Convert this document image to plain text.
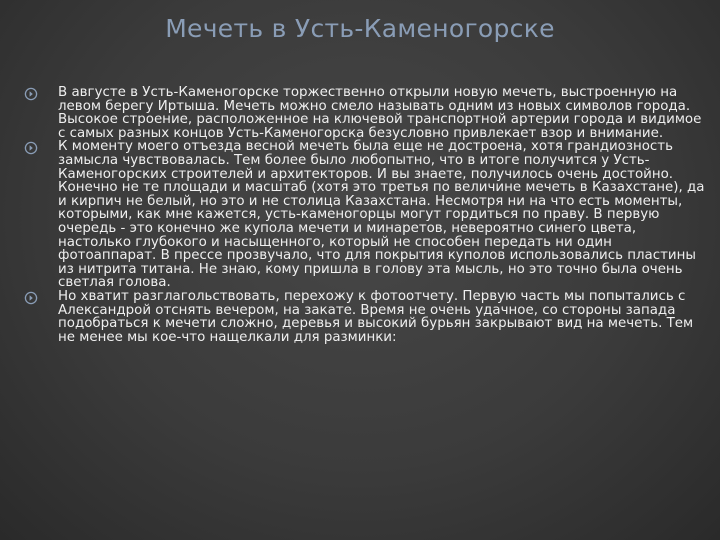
Мечеть в Усть-Каменогорске
В августе в Усть-Каменогорске торжественно открыли новую мечеть, выстроенную на левом берегу Иртыша. Мечеть можно смело называть одним из новых символов города. Высокое строение, расположенное на ключевой транспортной артерии города и видимое с самых разных концов Усть-Каменогорска безусловно привлекает взор и внимание.
К моменту моего отъезда весной мечеть была еще не достроена, хотя грандиозность замысла чувствовалась. Тем более было любопытно, что в итоге получится у Усть-Каменогорских строителей и архитекторов. И вы знаете, получилось очень достойно. Конечно не те площади и масштаб (хотя это третья по величине мечеть в Казахстане), да и кирпич не белый, но это и не столица Казахстана. Несмотря ни на что есть моменты, которыми, как мне кажется, усть-каменогорцы могут гордиться по праву. В первую очередь - это конечно же купола мечети и минаретов, невероятно синего цвета, настолько глубокого и насыщенного, который не способен передать ни один фотоаппарат. В прессе прозвучало, что для покрытия куполов использовались пластины из нитрита титана. Не знаю, кому пришла в голову эта мысль, но это точно была очень светлая голова.
Но хватит разглагольствовать, перехожу к фотоотчету. Первую часть мы попытались с Александрой отснять вечером, на закате. Время не очень удачное, со стороны запада подобраться к мечети сложно, деревья и высокий бурьян закрывают вид на мечеть. Тем не менее мы кое-что нащелкали для разминки:
